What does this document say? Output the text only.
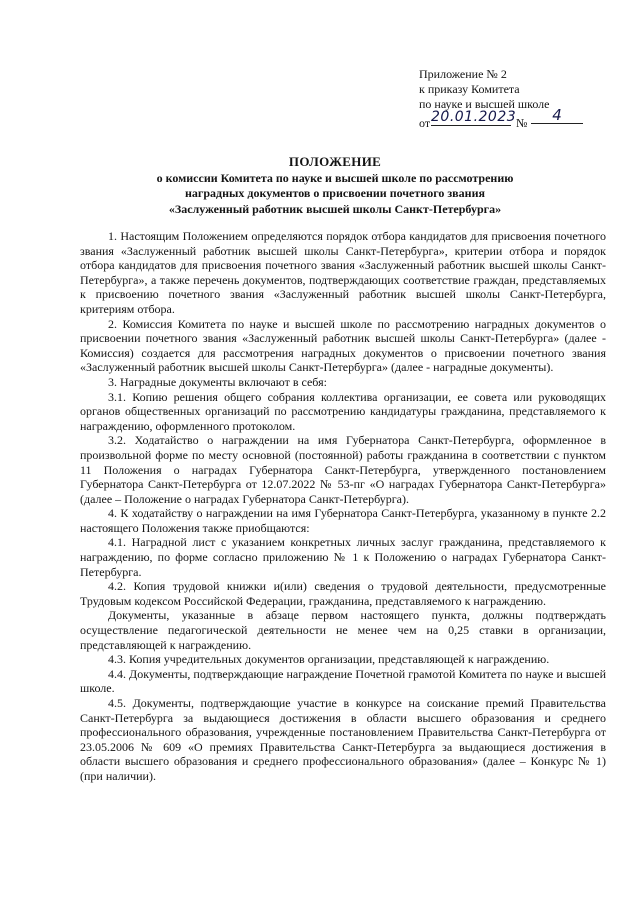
Приложение № 2
к приказу Комитета
по науке и высшей школе
от 20.01.2023 №	4
ПОЛОЖЕНИЕ
о комиссии Комитета по науке и высшей школе по рассмотрению
наградных документов о присвоении почетного звания
«Заслуженный работник высшей школы Санкт-Петербурга»

1. Настоящим Положением определяются порядок отбора кандидатов для присвоения почетного звания «Заслуженный работник высшей школы Санкт-Петербурга», критерии отбора и порядок отбора кандидатов для присвоения почетного звания «Заслуженный работник высшей школы Санкт-Петербурга», а также перечень документов, подтверждающих соответствие граждан, представляемых к присвоению почетного звания «Заслуженный работник высшей школы Санкт-Петербурга, критериям отбора.

2. Комиссия Комитета по науке и высшей школе по рассмотрению наградных документов о присвоении почетного звания «Заслуженный работник высшей школы Санкт-Петербурга» (далее - Комиссия) создается для рассмотрения наградных документов о присвоении почетного звания «Заслуженный работник высшей школы Санкт-Петербурга» (далее - наградные документы).

3. Наградные документы включают в себя:

3.1. Копию решения общего собрания коллектива организации, ее совета или руководящих органов общественных организаций по рассмотрению кандидатуры гражданина, представляемого к награждению, оформленного протоколом.

3.2. Ходатайство о награждении на имя Губернатора Санкт-Петербурга, оформленное в произвольной форме по месту основной (постоянной) работы гражданина в соответствии с пунктом 11 Положения о наградах Губернатора Санкт-Петербурга, утвержденного постановлением Губернатора Санкт-Петербурга от 12.07.2022 № 53-пг «О наградах Губернатора Санкт-Петербурга» (далее – Положение о наградах Губернатора Санкт-Петербурга).

4. К ходатайству о награждении на имя Губернатора Санкт-Петербурга, указанному в пункте 2.2 настоящего Положения также приобщаются:

4.1. Наградной лист с указанием конкретных личных заслуг гражданина, представляемого к награждению, по форме согласно приложению № 1 к Положению о наградах Губернатора Санкт-Петербурга.

4.2. Копия трудовой книжки и(или) сведения о трудовой деятельности, предусмотренные Трудовым кодексом Российской Федерации, гражданина, представляемого к награждению.

Документы, указанные в абзаце первом настоящего пункта, должны подтверждать осуществление педагогической деятельности не менее чем на 0,25 ставки в организации, представляющей к награждению.

4.3. Копия учредительных документов организации, представляющей к награждению.

4.4. Документы, подтверждающие награждение Почетной грамотой Комитета по науке и высшей школе.

4.5. Документы, подтверждающие участие в конкурсе на соискание премий Правительства Санкт-Петербурга за выдающиеся достижения в области высшего образования и среднего профессионального образования, учрежденные постановлением Правительства Санкт-Петербурга от 23.05.2006 № 609 «О премиях Правительства Санкт-Петербурга за выдающиеся достижения в области высшего образования и среднего профессионального образования» (далее – Конкурс № 1) (при наличии).
